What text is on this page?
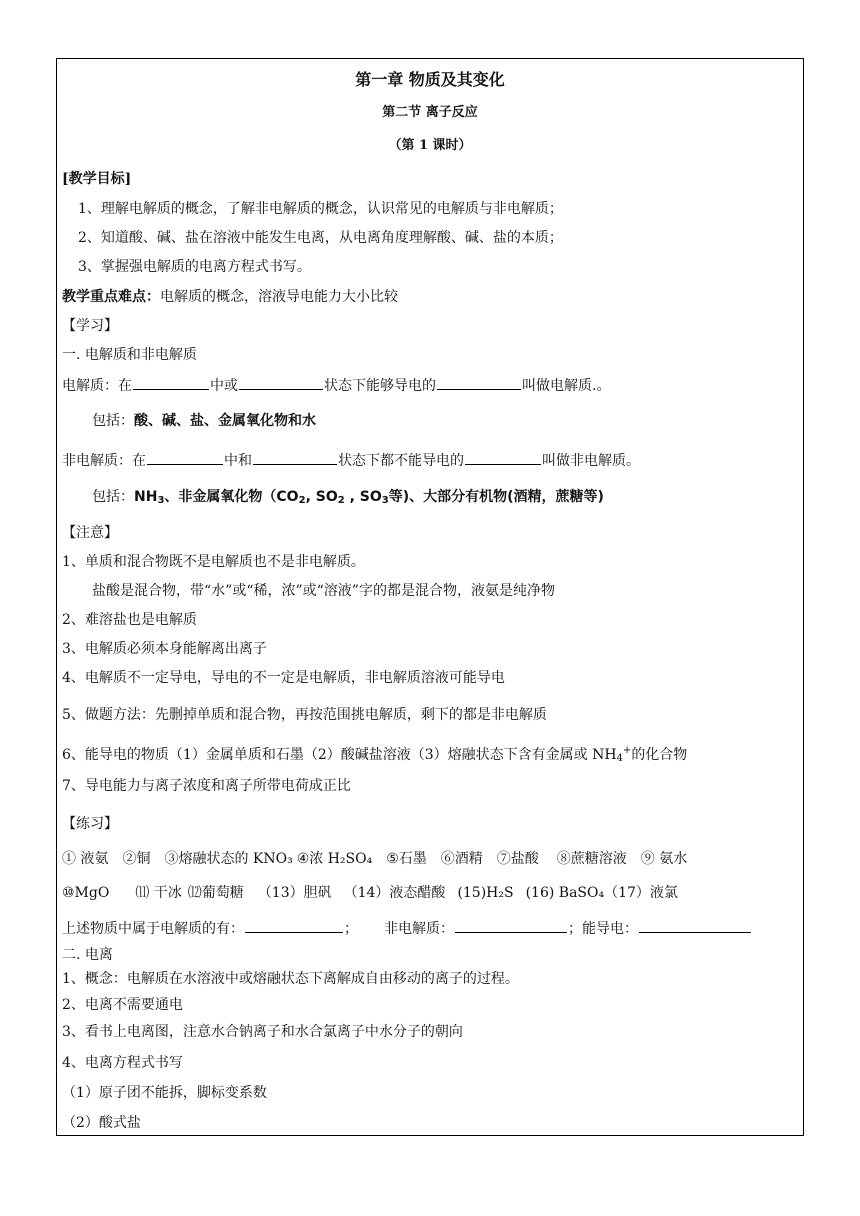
第一章 物质及其变化
第二节 离子反应
（第 1 课时）
[教学目标]
1、理解电解质的概念，了解非电解质的概念，认识常见的电解质与非电解质；
2、知道酸、碱、盐在溶液中能发生电离，从电离角度理解酸、碱、盐的本质；
3、掌握强电解质的电离方程式书写。
教学重点难点：电解质的概念，溶液导电能力大小比较
【学习】
一. 电解质和非电解质
电解质：在	中或	状态下能够导电的	叫做电解质.。
包括：酸、碱、盐、金属氧化物和水
非电解质：在	中和	状态下都不能导电的	叫做非电解质。
包括：$NH_3$、非金属氧化物（$CO_2$, $SO_2$ , $SO_3$等)、大部分有机物(酒精，蔗糖等)
【注意】
1、单质和混合物既不是电解质也不是非电解质。
盐酸是混合物，带“水”或“稀，浓”或“溶液”字的都是混合物，液氨是纯净物
2、难溶盐也是电解质
3、电解质必须本身能解离出离子
4、电解质不一定导电，导电的不一定是电解质，非电解质溶液可能导电
5、做题方法：先删掉单质和混合物，再按范围挑电解质，剩下的都是非电解质
6、能导电的物质（1）金属单质和石墨（2）酸碱盐溶液（3）熔融状态下含有金属或 $NH_4^+$的化合物
7、导电能力与离子浓度和离子所带电荷成正比
【练习】
① 液氨 ②铜 ③熔融状态的 KNO₃ ④浓 H₂SO₄ ⑤石墨 ⑥酒精 ⑦盐酸 ⑧蔗糖溶液 ⑨ 氨水
⑩MgO ⑾ 干冰 ⑿葡萄糖 （13）胆矾 （14）液态醋酸 (15)H₂S (16) BaSO₄（17）液氯
上述物质中属于电解质的有：	； 非电解质：	；能导电：
二. 电离
1、概念：电解质在水溶液中或熔融状态下离解成自由移动的离子的过程。
2、电离不需要通电
3、看书上电离图，注意水合钠离子和水合氯离子中水分子的朝向
4、电离方程式书写
（1）原子团不能拆，脚标变系数
（2）酸式盐
